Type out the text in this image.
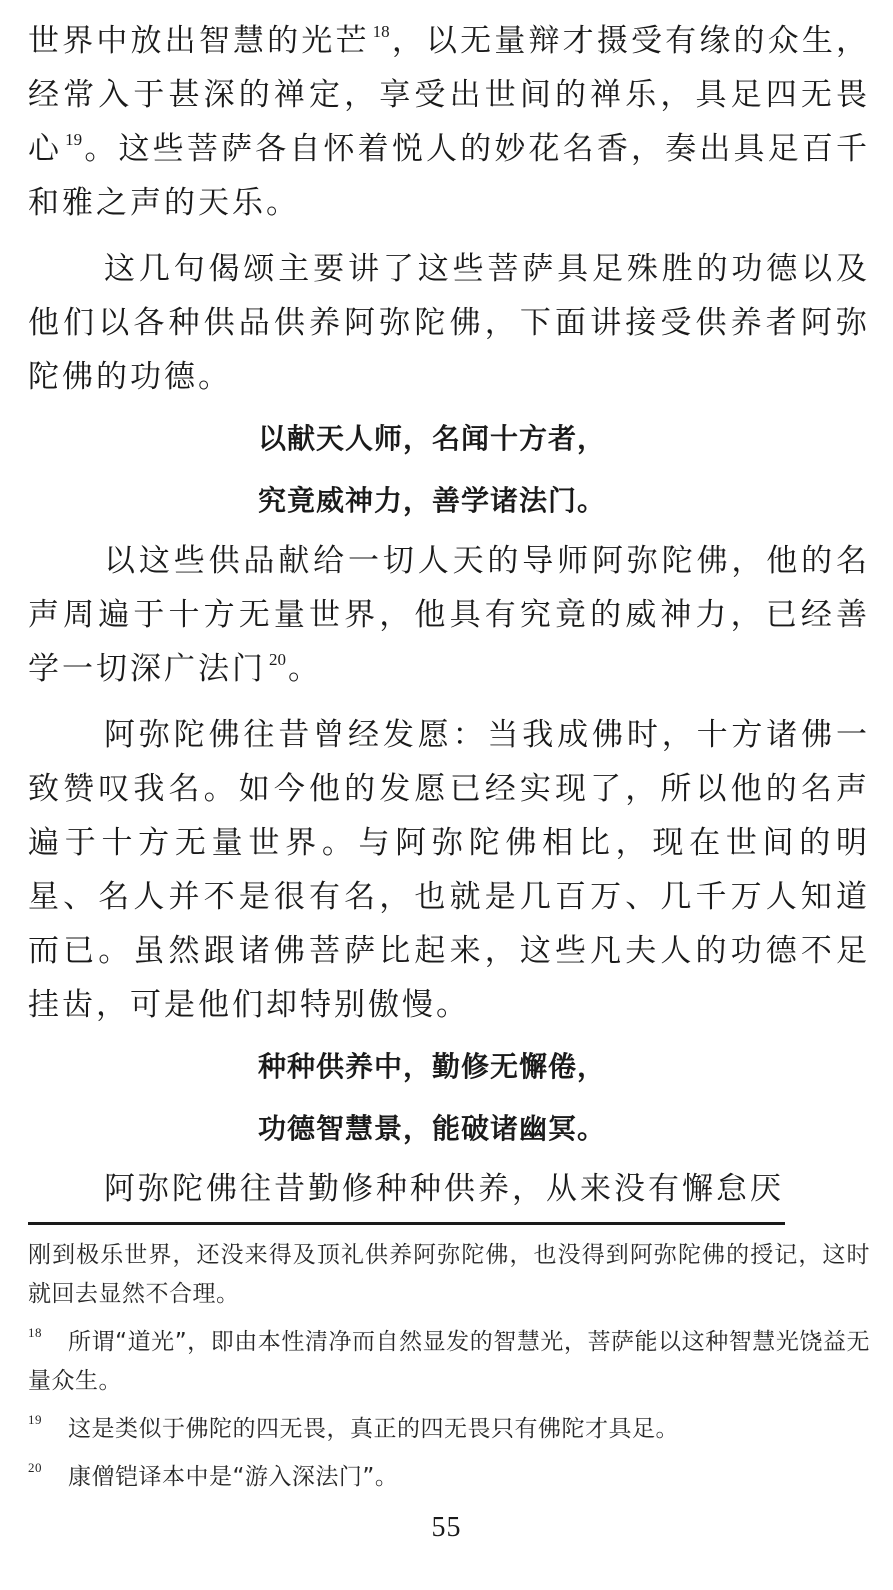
世界中放出智慧的光芒 $^{18}$，以无量辩才摄受有缘的众生，经常入于甚深的禅定，享受出世间的禅乐，具足四无畏心 $^{19}$。这些菩萨各自怀着悦人的妙花名香，奏出具足百千和雅之声的天乐。

这几句偈颂主要讲了这些菩萨具足殊胜的功德以及他们以各种供品供养阿弥陀佛，下面讲接受供养者阿弥陀佛的功德。

以献天人师，名闻十方者，

究竟威神力，善学诸法门。

以这些供品献给一切人天的导师阿弥陀佛，他的名声周遍于十方无量世界，他具有究竟的威神力，已经善学一切深广法门 $^{20}$。

阿弥陀佛往昔曾经发愿：当我成佛时，十方诸佛一致赞叹我名。如今他的发愿已经实现了，所以他的名声遍于十方无量世界。与阿弥陀佛相比，现在世间的明星、名人并不是很有名，也就是几百万、几千万人知道而已。虽然跟诸佛菩萨比起来，这些凡夫人的功德不足挂齿，可是他们却特别傲慢。

种种供养中，勤修无懈倦，

功德智慧景，能破诸幽冥。

阿弥陀佛往昔勤修种种供养，从来没有懈怠厌

刚到极乐世界，还没来得及顶礼供养阿弥陀佛，也没得到阿弥陀佛的授记，这时就回去显然不合理。

18 所谓“道光”，即由本性清净而自然显发的智慧光，菩萨能以这种智慧光饶益无量众生。

19 这是类似于佛陀的四无畏，真正的四无畏只有佛陀才具足。

20 康僧铠译本中是“游入深法门”。

55
